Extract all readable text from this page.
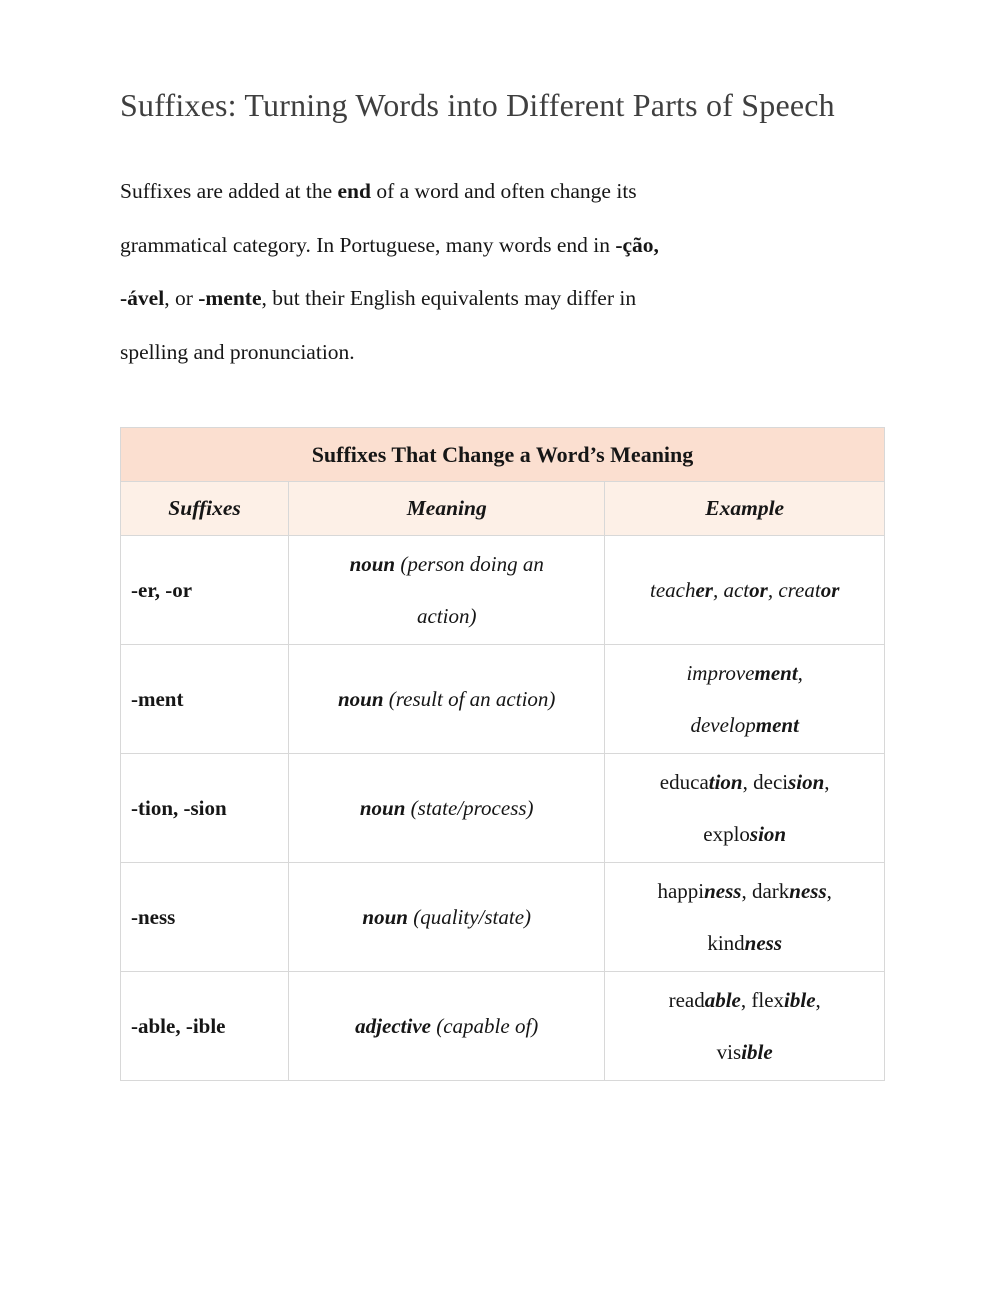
Suffixes: Turning Words into Different Parts of Speech

Suffixes are added at the end of a word and often change its
grammatical category. In Portuguese, many words end in -ção,
-ável, or -mente, but their English equivalents may differ in
spelling and pronunciation.

Suffixes That Change a Word’s Meaning		
Suffixes	Meaning	Example
-er, -or	noun (person doing an
action)	teacher, actor, creator
-ment	noun (result of an action)	improvement,
development
-tion, -sion	noun (state/process)	education, decision,
explosion
-ness	noun (quality/state)	happiness, darkness,
kindness
-able, -ible	adjective (capable of)	readable, flexible,
visible
